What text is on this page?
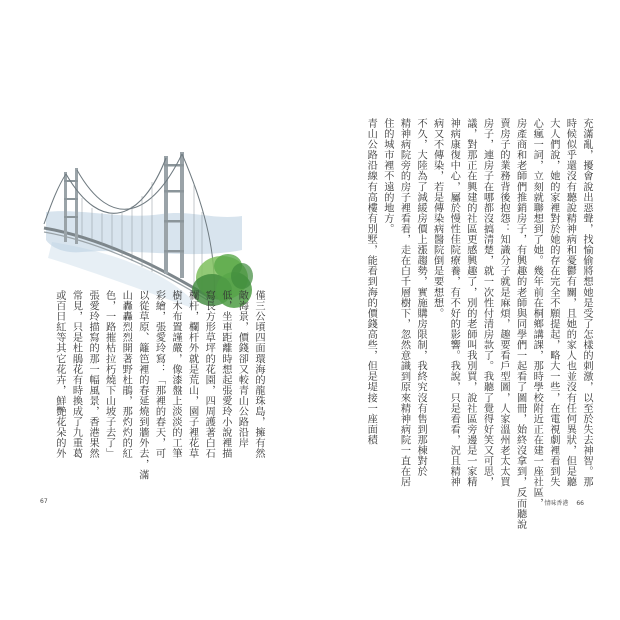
僅三公頃四面環海的龍珠島，擁有然
敵海景，價錢卻又較青山公路沿岸
低，坐車距離時想起張愛玲小說裡描
寫長方形草坪的花園，四周護著白石
欄杆，欄杆外就是荒山，園子裡花草
樹木布置謹嚴，像漆盤上淡淡的工筆
彩繪，張愛玲寫：「那裡的春天，可
以從草原、籬笆裡的春延燒到牆外去，滿
山轟轟烈烈開著野杜鵑，那灼灼的紅
色，一路摧枯拉朽燒下山坡子去了」
張愛玲描寫的那一幅風景，香港果然
常見，只是杜鵑花有時換成了九重葛
或百日紅等其它花卉，鮮艷花朵的外
67
充滿亂，擾會說出惡聲，找愉偷將想她是受了怎樣的刺激，以至於失去神智。那
時候似乎還沒有聽說精神病和憂鬱有關，且她的家人也並沒有任何異狀，但是聽
大人們說，她的家裡對於她的存在完全不願提起，略大一些，在電視劇裡看到失
心瘋一詞，立刻就聯想到了她。幾年前在桐鄉講課，那時學校附近正在建一座社區，
房產商和老師們推銷房子，有興趣的老師與同學們一起看了圖冊，始終沒拿到，反而聽說
賣房子的業務背後抱怨：知識分子就是麻煩，趣要看戶型圖，人家溫州老太太買
房子，連房子在哪都沒搞清楚，就一次性付清房款了。我聽了覺得好笑又可思，
議，對那正在興建的社區更感興趣了，別的老師叫我別買，說社區旁邊是一家精
神病康復中心，屬於慢性佳院療養，有不好的影響。我說，只是看看，況且精神
病又不傳染，若是傳染病醫院倒是要想想。
不久，大陸為了減緩房價上漲趨勢，實施購房限制，我終究沒有售到那棟對於
精神病院旁的房子裡看看，走在白千層樹下，忽然意識到原來精神病院一直在居
住的城市裡不遠的地方。
青山公路沿線有高樓有別墅，能看到海的價錢高些，但是堤接一座面積
情味香港 66
